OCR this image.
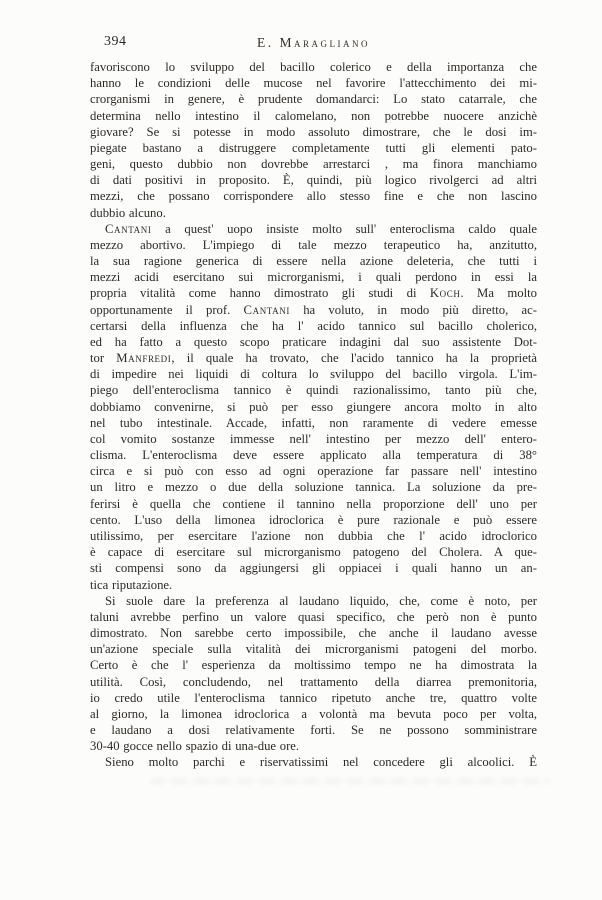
394	E. Maragliano
favoriscono lo sviluppo del bacillo colerico e della importanza che
hanno le condizioni delle mucose nel favorire l'attecchimento dei mi-
crorganismi in genere, è prudente domandarci: Lo stato catarrale, che
determina nello intestino il calomelano, non potrebbe nuocere anzichè
giovare? Se si potesse in modo assoluto dimostrare, che le dosi im-
piegate bastano a distruggere completamente tutti gli elementi pato-
geni, questo dubbio non dovrebbe arrestarci , ma finora manchiamo
di dati positivi in proposito. È, quindi, più logico rivolgerci ad altri
mezzi, che possano corrispondere allo stesso fine e che non lascino
dubbio alcuno.
Cantani a quest' uopo insiste molto sull' enteroclisma caldo quale
mezzo abortivo. L'impiego di tale mezzo terapeutico ha, anzitutto,
la sua ragione generica di essere nella azione deleteria, che tutti i
mezzi acidi esercitano sui microrganismi, i quali perdono in essi la
propria vitalità come hanno dimostrato gli studi di Koch. Ma molto
opportunamente il prof. Cantani ha voluto, in modo più diretto, ac-
certarsi della influenza che ha l' acido tannico sul bacillo cholerico,
ed ha fatto a questo scopo praticare indagini dal suo assistente Dot-
tor Manfredi, il quale ha trovato, che l'acido tannico ha la proprietà
di impedire nei liquidi di coltura lo sviluppo del bacillo virgola. L'im-
piego dell'enteroclisma tannico è quindi razionalissimo, tanto più che,
dobbiamo convenirne, si può per esso giungere ancora molto in alto
nel tubo intestinale. Accade, infatti, non raramente di vedere emesse
col vomito sostanze immesse nell' intestino per mezzo dell' entero-
clisma. L'enteroclisma deve essere applicato alla temperatura di 38°
circa e si può con esso ad ogni operazione far passare nell' intestino
un litro e mezzo o due della soluzione tannica. La soluzione da pre-
ferirsi è quella che contiene il tannino nella proporzione dell' uno per
cento. L'uso della limonea idroclorica è pure razionale e può essere
utilissimo, per esercitare l'azione non dubbia che l' acido idroclorico
è capace di esercitare sul microrganismo patogeno del Cholera. A que-
sti compensi sono da aggiungersi gli oppiacei i quali hanno un an-
tica riputazione.
Si suole dare la preferenza al laudano liquido, che, come è noto, per
taluni avrebbe perfino un valore quasi specifico, che però non è punto
dimostrato. Non sarebbe certo impossibile, che anche il laudano avesse
un'azione speciale sulla vitalità dei microrganismi patogeni del morbo.
Certo è che l' esperienza da moltissimo tempo ne ha dimostrata la
utilità. Così, concludendo, nel trattamento della diarrea premonitoria,
io credo utile l'enteroclisma tannico ripetuto anche tre, quattro volte
al giorno, la limonea idroclorica a volontà ma bevuta poco per volta,
e laudano a dosi relativamente forti. Se ne possono somministrare
30-40 gocce nello spazio di una-due ore.
Sieno molto parchi e riservatissimi nel concedere gli alcoolici. È
